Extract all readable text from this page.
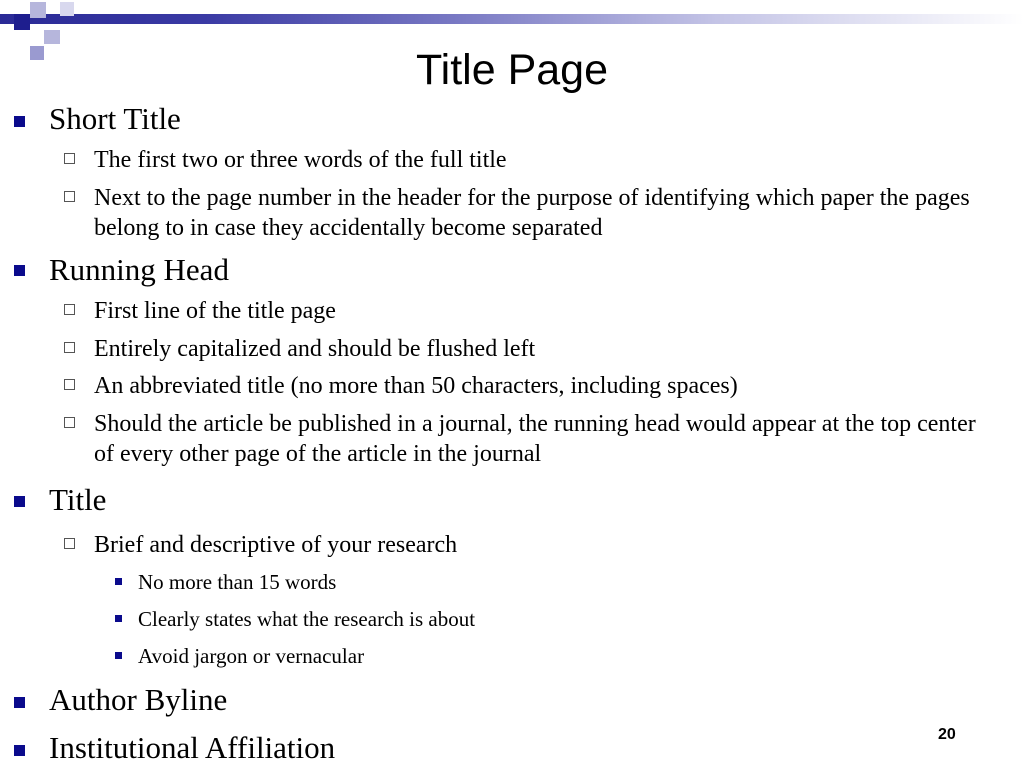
Title Page
Short Title
The first two or three words of the full title
Next to the page number in the header for the purpose of identifying which paper the pages belong to in case they accidentally become separated
Running Head
First line of the title page
Entirely capitalized and should be flushed left
An abbreviated title (no more than 50 characters, including spaces)
Should the article be published in a journal, the running head would appear at the top center of every other page of the article in the journal
Title
Brief and descriptive of your research
No more than 15 words
Clearly states what the research is about
Avoid jargon or vernacular
Author Byline
Institutional Affiliation	20
